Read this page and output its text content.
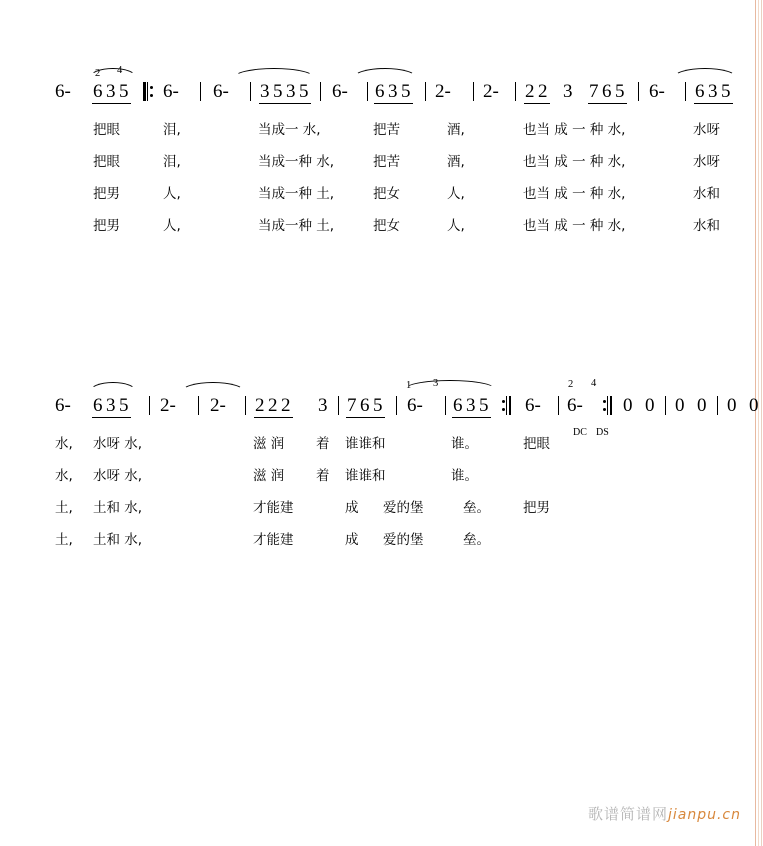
2 4
6- 6 3 5 6- 6- 3 5 3 5 6- 6 3 5 2- 2- 2 2 3 7 6 5 6- 6 3 5
把眼	泪,	当成一 水,	把苦	酒,	也当 成 一 种 水,	水呀
把眼	泪,	当成一种 水,	把苦	酒,	也当 成 一 种 水,	水呀
把男	人,	当成一种 土,	把女	人,	也当 成 一 种 水,	水和
把男	人,	当成一种 土,	把女	人,	也当 成 一 种 水,	水和
1 3	2 4
6- 6 3 5 2- 2- 2 2 2 3 7 6 5 6- 6 3 5 6- 6- 0 0 0 0 0 0
DC DS
水, 水呀 水,	滋 润 着 谁谁和	谁。	把眼
水, 水呀 水,	滋 润 着 谁谁和	谁。
土, 土和 水,	才能建	成 爱的堡	垒。 把男
土, 土和 水,	才能建	成 爱的堡	垒。
歌谱简谱网jianpu.cn
